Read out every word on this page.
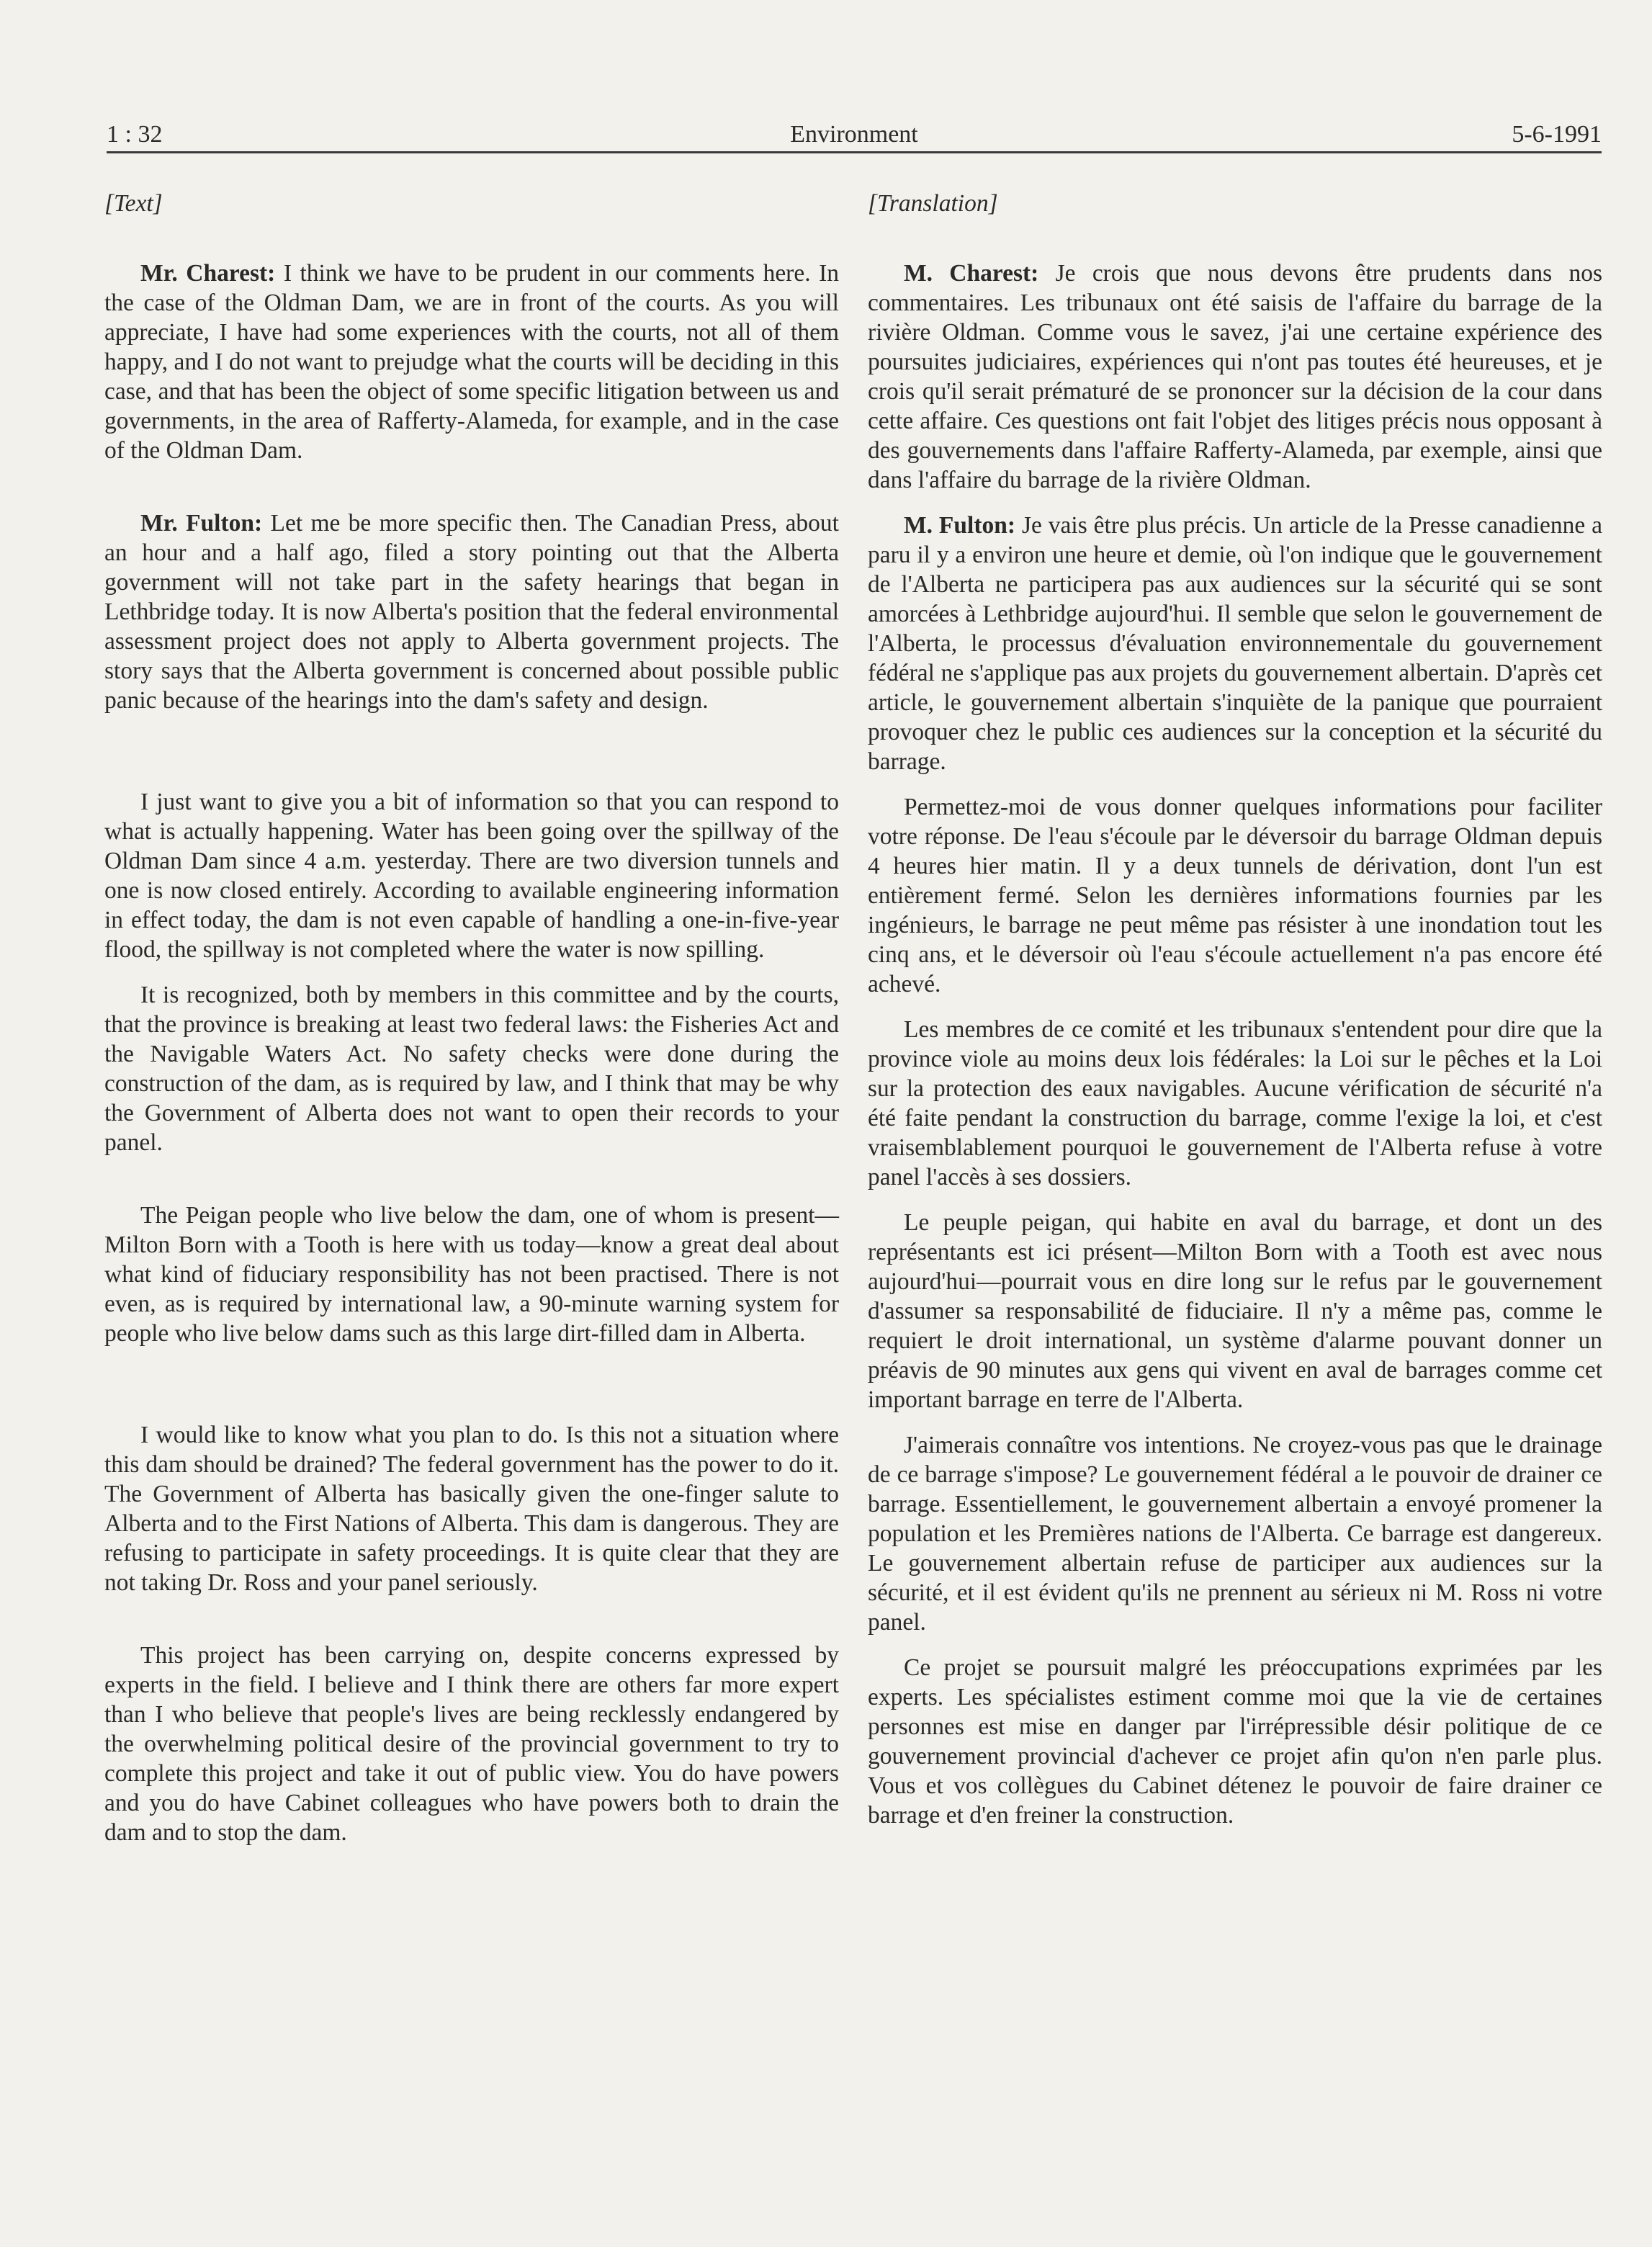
1 : 32	Environment	5-6-1991
[Text]

Mr. Charest: I think we have to be prudent in our comments here. In the case of the Oldman Dam, we are in front of the courts. As you will appreciate, I have had some experiences with the courts, not all of them happy, and I do not want to prejudge what the courts will be deciding in this case, and that has been the object of some specific litigation between us and governments, in the area of Rafferty-Alameda, for example, and in the case of the Oldman Dam.

Mr. Fulton: Let me be more specific then. The Canadian Press, about an hour and a half ago, filed a story pointing out that the Alberta government will not take part in the safety hearings that began in Lethbridge today. It is now Alberta's position that the federal environmental assessment project does not apply to Alberta government projects. The story says that the Alberta government is concerned about possible public panic because of the hearings into the dam's safety and design.

I just want to give you a bit of information so that you can respond to what is actually happening. Water has been going over the spillway of the Oldman Dam since 4 a.m. yesterday. There are two diversion tunnels and one is now closed entirely. According to available engineering information in effect today, the dam is not even capable of handling a one-in-five-year flood, the spillway is not completed where the water is now spilling.

It is recognized, both by members in this committee and by the courts, that the province is breaking at least two federal laws: the Fisheries Act and the Navigable Waters Act. No safety checks were done during the construction of the dam, as is required by law, and I think that may be why the Government of Alberta does not want to open their records to your panel.

The Peigan people who live below the dam, one of whom is present—Milton Born with a Tooth is here with us today—know a great deal about what kind of fiduciary responsibility has not been practised. There is not even, as is required by international law, a 90-minute warning system for people who live below dams such as this large dirt-filled dam in Alberta.

I would like to know what you plan to do. Is this not a situation where this dam should be drained? The federal government has the power to do it. The Government of Alberta has basically given the one-finger salute to Alberta and to the First Nations of Alberta. This dam is dangerous. They are refusing to participate in safety proceedings. It is quite clear that they are not taking Dr. Ross and your panel seriously.

This project has been carrying on, despite concerns expressed by experts in the field. I believe and I think there are others far more expert than I who believe that people's lives are being recklessly endangered by the overwhelming political desire of the provincial government to try to complete this project and take it out of public view. You do have powers and you do have Cabinet colleagues who have powers both to drain the dam and to stop the dam.

[Translation]

M. Charest: Je crois que nous devons être prudents dans nos commentaires. Les tribunaux ont été saisis de l'affaire du barrage de la rivière Oldman. Comme vous le savez, j'ai une certaine expérience des poursuites judiciaires, expériences qui n'ont pas toutes été heureuses, et je crois qu'il serait prématuré de se prononcer sur la décision de la cour dans cette affaire. Ces questions ont fait l'objet des litiges précis nous opposant à des gouvernements dans l'affaire Rafferty-Alameda, par exemple, ainsi que dans l'affaire du barrage de la rivière Oldman.

M. Fulton: Je vais être plus précis. Un article de la Presse canadienne a paru il y a environ une heure et demie, où l'on indique que le gouvernement de l'Alberta ne participera pas aux audiences sur la sécurité qui se sont amorcées à Lethbridge aujourd'hui. Il semble que selon le gouvernement de l'Alberta, le processus d'évaluation environnementale du gouvernement fédéral ne s'applique pas aux projets du gouvernement albertain. D'après cet article, le gouvernement albertain s'inquiète de la panique que pourraient provoquer chez le public ces audiences sur la conception et la sécurité du barrage.

Permettez-moi de vous donner quelques informations pour faciliter votre réponse. De l'eau s'écoule par le déversoir du barrage Oldman depuis 4 heures hier matin. Il y a deux tunnels de dérivation, dont l'un est entièrement fermé. Selon les dernières informations fournies par les ingénieurs, le barrage ne peut même pas résister à une inondation tout les cinq ans, et le déversoir où l'eau s'écoule actuellement n'a pas encore été achevé.

Les membres de ce comité et les tribunaux s'entendent pour dire que la province viole au moins deux lois fédérales: la Loi sur le pêches et la Loi sur la protection des eaux navigables. Aucune vérification de sécurité n'a été faite pendant la construction du barrage, comme l'exige la loi, et c'est vraisemblablement pourquoi le gouvernement de l'Alberta refuse à votre panel l'accès à ses dossiers.

Le peuple peigan, qui habite en aval du barrage, et dont un des représentants est ici présent—Milton Born with a Tooth est avec nous aujourd'hui—pourrait vous en dire long sur le refus par le gouvernement d'assumer sa responsabilité de fiduciaire. Il n'y a même pas, comme le requiert le droit international, un système d'alarme pouvant donner un préavis de 90 minutes aux gens qui vivent en aval de barrages comme cet important barrage en terre de l'Alberta.

J'aimerais connaître vos intentions. Ne croyez-vous pas que le drainage de ce barrage s'impose? Le gouvernement fédéral a le pouvoir de drainer ce barrage. Essentiellement, le gouvernement albertain a envoyé promener la population et les Premières nations de l'Alberta. Ce barrage est dangereux. Le gouvernement albertain refuse de participer aux audiences sur la sécurité, et il est évident qu'ils ne prennent au sérieux ni M. Ross ni votre panel.

Ce projet se poursuit malgré les préoccupations exprimées par les experts. Les spécialistes estiment comme moi que la vie de certaines personnes est mise en danger par l'irrépressible désir politique de ce gouvernement provincial d'achever ce projet afin qu'on n'en parle plus. Vous et vos collègues du Cabinet détenez le pouvoir de faire drainer ce barrage et d'en freiner la construction.
